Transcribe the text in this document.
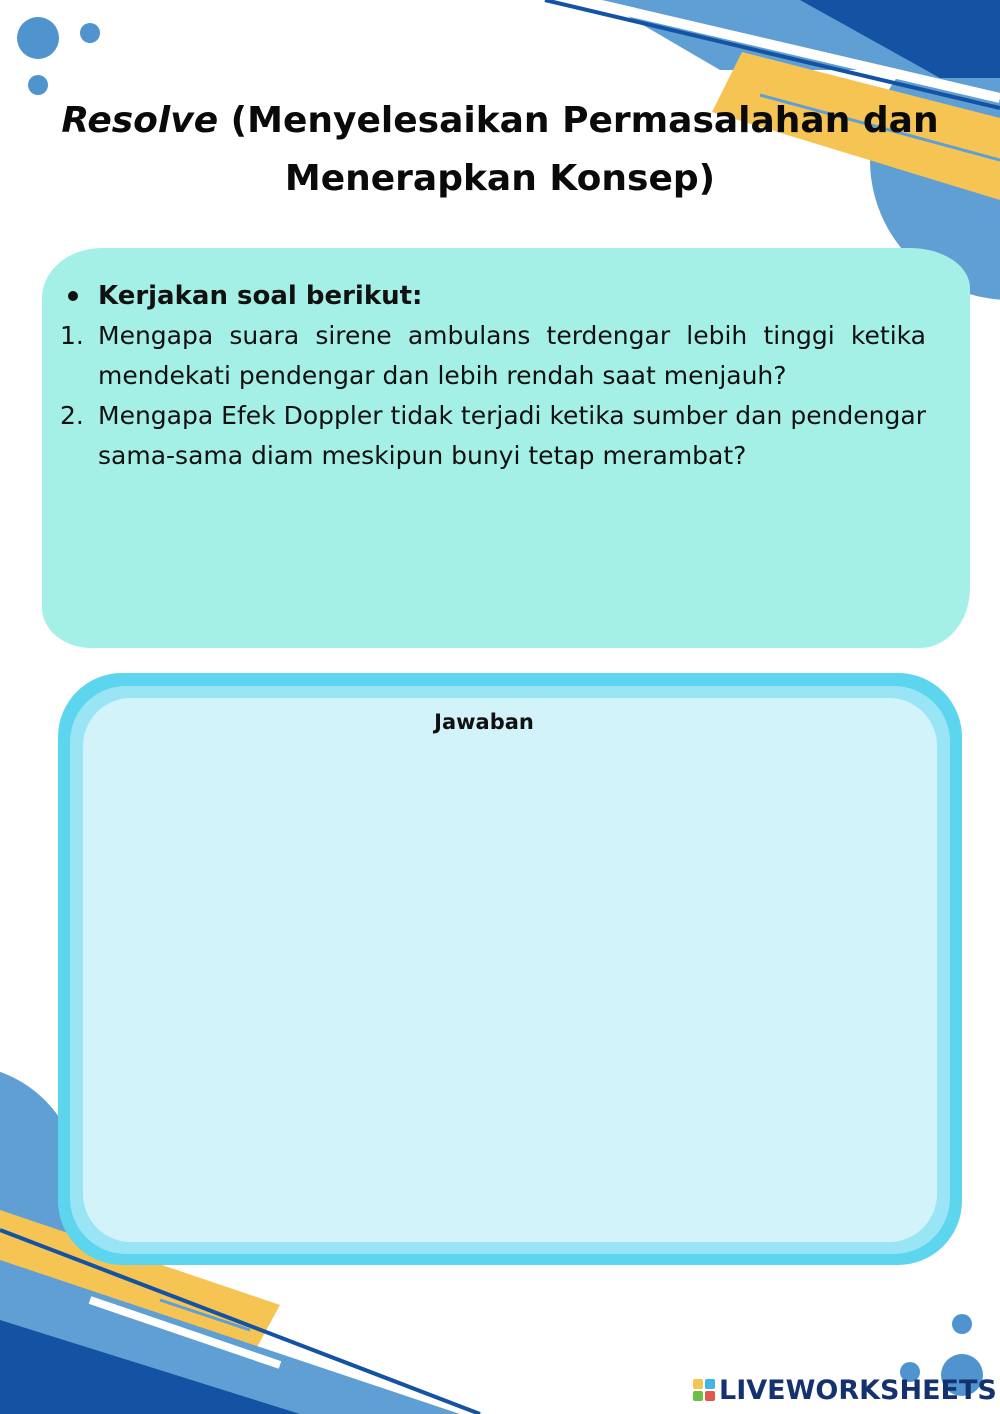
Resolve (Menyelesaikan Permasalahan dan Menerapkan Konsep)
Kerjakan soal berikut:
1. Mengapa suara sirene ambulans terdengar lebih tinggi ketika mendekati pendengar dan lebih rendah saat menjauh?
2. Mengapa Efek Doppler tidak terjadi ketika sumber dan pendengar sama-sama diam meskipun bunyi tetap merambat?
Jawaban
LIVEWORKSHEETS
